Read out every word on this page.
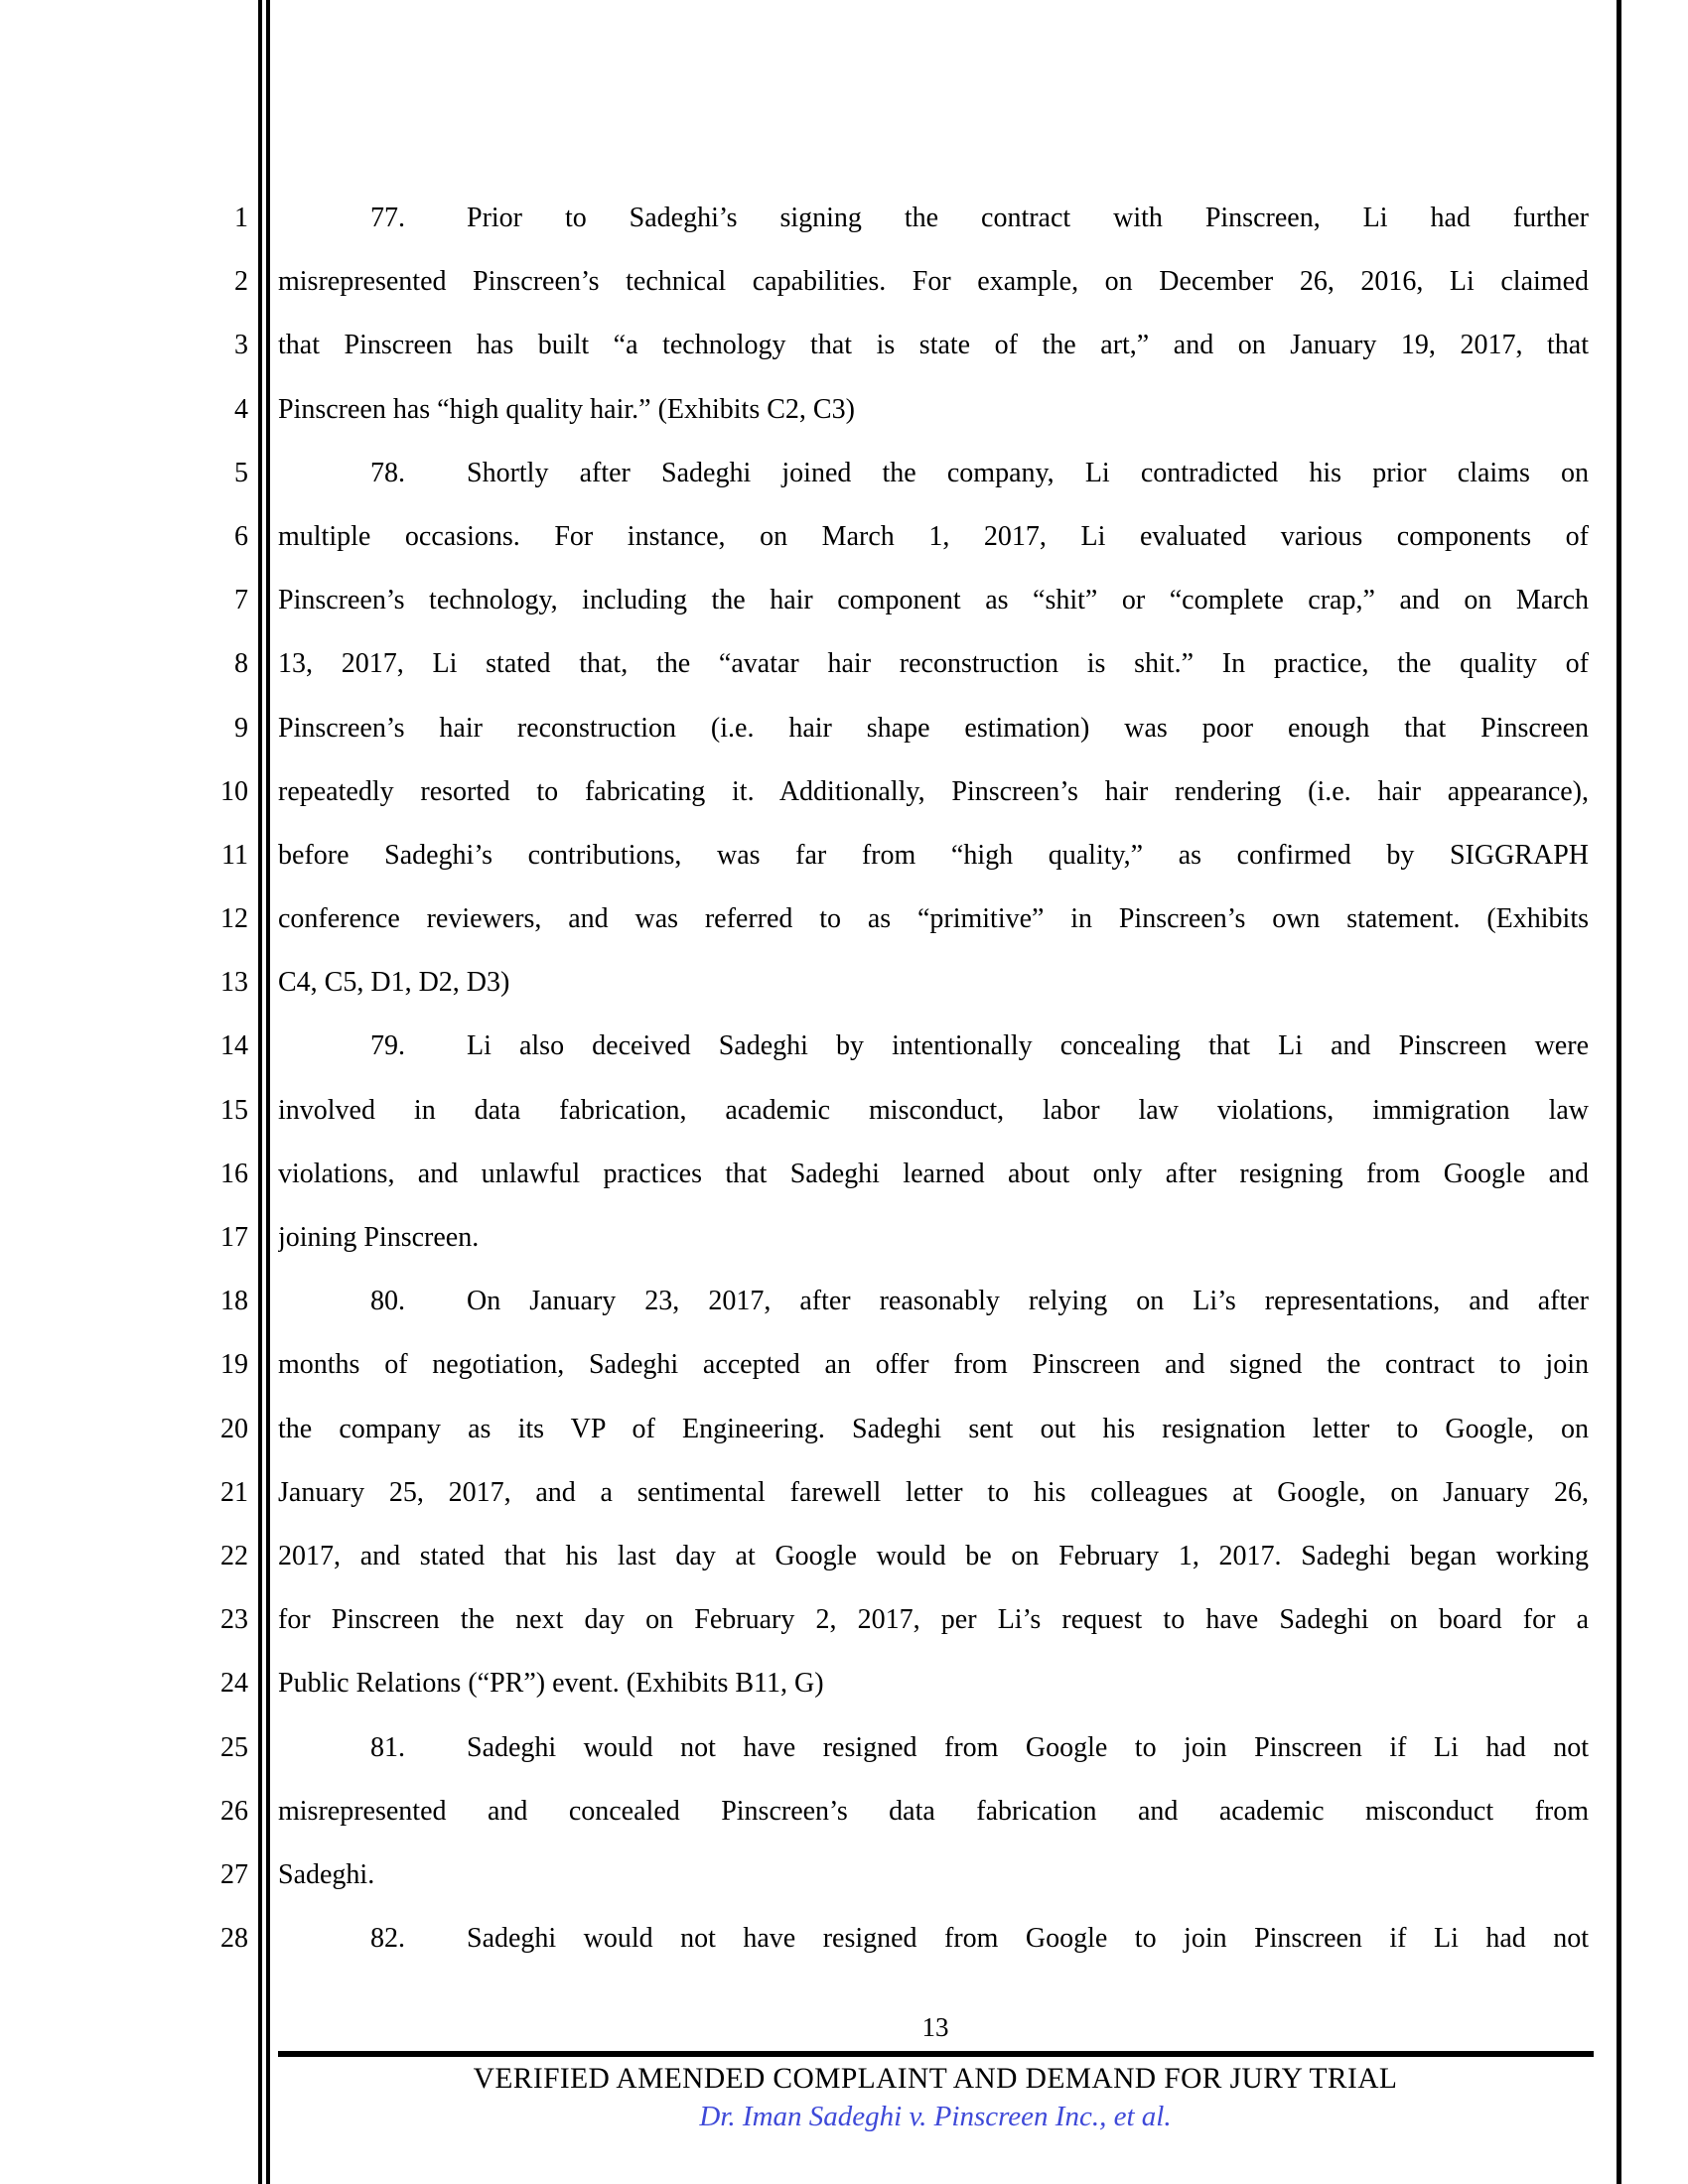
1	77. Prior to Sadeghi’s signing the contract with Pinscreen, Li had further
2 misrepresented Pinscreen’s technical capabilities. For example, on December 26, 2016, Li claimed
3 that Pinscreen has built “a technology that is state of the art,” and on January 19, 2017, that
4 Pinscreen has “high quality hair.” (Exhibits C2, C3)
5	78. Shortly after Sadeghi joined the company, Li contradicted his prior claims on
6 multiple occasions. For instance, on March 1, 2017, Li evaluated various components of
7 Pinscreen’s technology, including the hair component as “shit” or “complete crap,” and on March
8 13, 2017, Li stated that, the “avatar hair reconstruction is shit.” In practice, the quality of
9 Pinscreen’s hair reconstruction (i.e. hair shape estimation) was poor enough that Pinscreen
10 repeatedly resorted to fabricating it. Additionally, Pinscreen’s hair rendering (i.e. hair appearance),
11 before Sadeghi’s contributions, was far from “high quality,” as confirmed by SIGGRAPH
12 conference reviewers, and was referred to as “primitive” in Pinscreen’s own statement. (Exhibits
13 C4, C5, D1, D2, D3)
14	79. Li also deceived Sadeghi by intentionally concealing that Li and Pinscreen were
15 involved in data fabrication, academic misconduct, labor law violations, immigration law
16 violations, and unlawful practices that Sadeghi learned about only after resigning from Google and
17 joining Pinscreen.
18	80. On January 23, 2017, after reasonably relying on Li’s representations, and after
19 months of negotiation, Sadeghi accepted an offer from Pinscreen and signed the contract to join
20 the company as its VP of Engineering. Sadeghi sent out his resignation letter to Google, on
21 January 25, 2017, and a sentimental farewell letter to his colleagues at Google, on January 26,
22 2017, and stated that his last day at Google would be on February 1, 2017. Sadeghi began working
23 for Pinscreen the next day on February 2, 2017, per Li’s request to have Sadeghi on board for a
24 Public Relations (“PR”) event. (Exhibits B11, G)
25	81. Sadeghi would not have resigned from Google to join Pinscreen if Li had not
26 misrepresented and concealed Pinscreen’s data fabrication and academic misconduct from
27 Sadeghi.
28	82. Sadeghi would not have resigned from Google to join Pinscreen if Li had not
13
VERIFIED AMENDED COMPLAINT AND DEMAND FOR JURY TRIAL
Dr. Iman Sadeghi v. Pinscreen Inc., et al.
